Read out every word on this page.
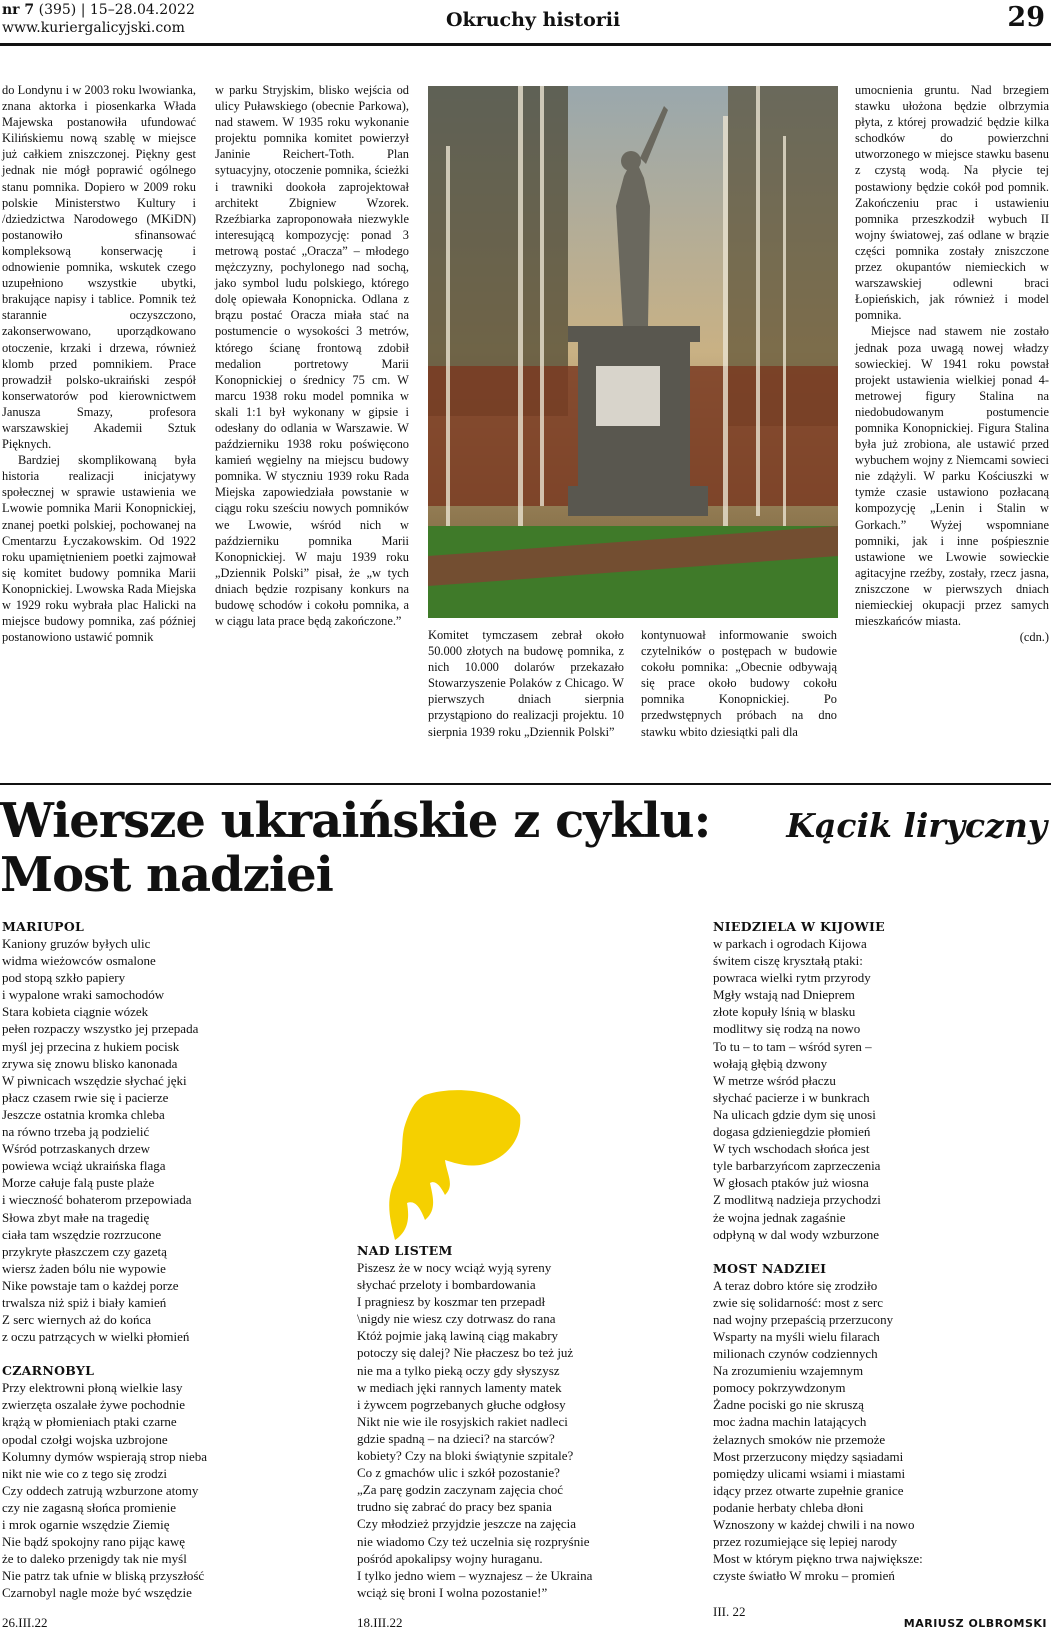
nr 7 (395) | 15–28.04.2022
www.kuriergalicyjski.com	Okruchy historii	29

do Londynu i w 2003 roku lwowianka, znana aktorka i piosenkarka Włada Majewska postanowiła ufundować Kilińskiemu nową szablę w miejsce już całkiem zniszczonej. Piękny gest jednak nie mógł poprawić ogólnego stanu pomnika. Dopiero w 2009 roku polskie Ministerstwo Kultury i /dziedzictwa Narodowego (MKiDN) postanowiło sfinansować kompleksową konserwację i odnowienie pomnika, wskutek czego uzupełniono wszystkie ubytki, brakujące napisy i tablice. Pomnik też starannie oczyszczono, zakonserwowano, uporządkowano otoczenie, krzaki i drzewa, również klomb przed pomnikiem. Prace prowadził polsko-ukraiński zespół konserwatorów pod kierownictwem Janusza Smazy, profesora warszawskiej Akademii Sztuk Pięknych.

Bardziej skomplikowaną była historia realizacji inicjatywy społecznej w sprawie ustawienia we Lwowie pomnika Marii Konopnickiej, znanej poetki polskiej, pochowanej na Cmentarzu Łyczakowskim. Od 1922 roku upamiętnieniem poetki zajmował się komitet budowy pomnika Marii Konopnickiej. Lwowska Rada Miejska w 1929 roku wybrała plac Halicki na miejsce budowy pomnika, zaś później postanowiono ustawić pomnik

w parku Stryjskim, blisko wejścia od ulicy Puławskiego (obecnie Parkowa), nad stawem. W 1935 roku wykonanie projektu pomnika komitet powierzył Janinie Reichert-Toth. Plan sytuacyjny, otoczenie pomnika, ścieżki i trawniki dookoła zaprojektował architekt Zbigniew Wzorek. Rzeźbiarka zaproponowała niezwykle interesującą kompozycję: ponad 3 metrową postać „Oracza” – młodego mężczyzny, pochylonego nad sochą, jako symbol ludu polskiego, którego dolę opiewała Konopnicka. Odlana z brązu postać Oracza miała stać na postumencie o wysokości 3 metrów, którego ścianę frontową zdobił medalion portretowy Marii Konopnickiej o średnicy 75 cm. W marcu 1938 roku model pomnika w skali 1:1 był wykonany w gipsie i odesłany do odlania w Warszawie. W październiku 1938 roku poświęcono kamień węgielny na miejscu budowy pomnika. W styczniu 1939 roku Rada Miejska zapowiedziała powstanie w ciągu roku sześciu nowych pomników we Lwowie, wśród nich w październiku pomnika Marii Konopnickiej. W maju 1939 roku „Dziennik Polski” pisał, że „w tych dniach będzie rozpisany konkurs na budowę schodów i cokołu pomnika, a w ciągu lata prace będą zakończone.”

Komitet tymczasem zebrał około 50.000 złotych na budowę pomnika, z nich 10.000 dolarów przekazało Stowarzyszenie Polaków z Chicago. W pierwszych dniach sierpnia przystąpiono do realizacji projektu. 10 sierpnia 1939 roku „Dziennik Polski”

kontynuował informowanie swoich czytelników o postępach w budowie cokołu pomnika: „Obecnie odbywają się prace około budowy cokołu pomnika Konopnickiej. Po przedwstępnych próbach na dno stawku wbito dziesiątki pali dla

umocnienia gruntu. Nad brzegiem stawku ułożona będzie olbrzymia płyta, z której prowadzić będzie kilka schodków do powierzchni utworzonego w miejsce stawku basenu z czystą wodą. Na płycie tej postawiony będzie cokół pod pomnik. Zakończeniu prac i ustawieniu pomnika przeszkodził wybuch II wojny światowej, zaś odlane w brązie części pomnika zostały zniszczone przez okupantów niemieckich w warszawskiej odlewni braci Łopieńskich, jak również i model pomnika.

Miejsce nad stawem nie zostało jednak poza uwagą nowej władzy sowieckiej. W 1941 roku powstał projekt ustawienia wielkiej ponad 4-metrowej figury Stalina na niedobudowanym postumencie pomnika Konopnickiej. Figura Stalina była już zrobiona, ale ustawić przed wybuchem wojny z Niemcami sowieci nie zdążyli. W parku Kościuszki w tymże czasie ustawiono pozłacaną kompozycję „Lenin i Stalin w Gorkach.” Wyżej wspomniane pomniki, jak i inne pośpiesznie ustawione we Lwowie sowieckie agitacyjne rzeźby, zostały, rzecz jasna, zniszczone w pierwszych dniach niemieckiej okupacji przez samych mieszkańców miasta.

(cdn.)

Wiersze ukraińskie z cyklu:
Most nadziei
Kącik liryczny
MARIUPOL
Kaniony gruzów byłych ulic
widma wieżowców osmalone
pod stopą szkło papiery
i wypalone wraki samochodów
Stara kobieta ciągnie wózek
pełen rozpaczy wszystko jej przepada
myśl jej przecina z hukiem pocisk
zrywa się znowu blisko kanonada
W piwnicach wszędzie słychać jęki
płacz czasem rwie się i pacierze
Jeszcze ostatnia kromka chleba
na równo trzeba ją podzielić
Wśród potrzaskanych drzew
powiewa wciąż ukraińska flaga
Morze całuje falą puste plaże
i wieczność bohaterom przepowiada
Słowa zbyt małe na tragedię
ciała tam wszędzie rozrzucone
przykryte płaszczem czy gazetą
wiersz żaden bólu nie wypowie
Nike powstaje tam o każdej porze
trwalsza niż spiż i biały kamień
Z serc wiernych aż do końca
z oczu patrzących w wielki płomień
CZARNOBYL
Przy elektrowni płoną wielkie lasy
zwierzęta oszalałe żywe pochodnie
krążą w płomieniach ptaki czarne
opodal czołgi wojska uzbrojone
Kolumny dymów wspierają strop nieba
nikt nie wie co z tego się zrodzi
Czy oddech zatrują wzburzone atomy
czy nie zagasną słońca promienie
i mrok ogarnie wszędzie Ziemię
Nie bądź spokojny rano pijąc kawę
że to daleko przenigdy tak nie myśl
Nie patrz tak ufnie w bliską przyszłość
Czarnobyl nagle może być wszędzie
NAD LISTEM
Piszesz że w nocy wciąż wyją syreny
słychać przeloty i bombardowania
I pragniesz by koszmar ten przepadł
\nigdy nie wiesz czy dotrwasz do rana
Któż pojmie jaką lawiną ciąg makabry
potoczy się dalej? Nie płaczesz bo też już
nie ma a tylko pieką oczy gdy słyszysz
w mediach jęki rannych lamenty matek
i żywcem pogrzebanych głuche odgłosy
Nikt nie wie ile rosyjskich rakiet nadleci
gdzie spadną – na dzieci? na starców?
kobiety? Czy na bloki świątynie szpitale?
Co z gmachów ulic i szkół pozostanie?
„Za parę godzin zaczynam zajęcia choć
trudno się zabrać do pracy bez spania
Czy młodzież przyjdzie jeszcze na zajęcia
nie wiadomo Czy też uczelnia się rozpryśnie
pośród apokalipsy wojny huraganu.
I tylko jedno wiem – wyznajesz – że Ukraina
wciąż się broni I wolna pozostanie!”
NIEDZIELA W KIJOWIE
w parkach i ogrodach Kijowa
świtem ciszę kryształą ptaki:
powraca wielki rytm przyrody
Mgły wstają nad Dnieprem
złote kopuły lśnią w blasku
modlitwy się rodzą na nowo
To tu – to tam – wśród syren –
wołają głębią dzwony
W metrze wśród płaczu
słychać pacierze i w bunkrach
Na ulicach gdzie dym się unosi
dogasa gdzieniegdzie płomień
W tych wschodach słońca jest
tyle barbarzyńcom zaprzeczenia
W głosach ptaków już wiosna
Z modlitwą nadzieja przychodzi
że wojna jednak zagaśnie
odpłyną w dal wody wzburzone
MOST NADZIEI
A teraz dobro które się zrodziło
zwie się solidarność: most z serc
nad wojny przepaścią przerzucony
Wsparty na myśli wielu filarach
milionach czynów codziennych
Na zrozumieniu wzajemnym
pomocy pokrzywdzonym
Żadne pociski go nie skruszą
moc żadna machin latających
żelaznych smoków nie przemoże
Most przerzucony między sąsiadami
pomiędzy ulicami wsiami i miastami
idący przez otwarte zupełnie granice
podanie herbaty chleba dłoni
Wznoszony w każdej chwili i na nowo
przez rozumiejące się lepiej narody
Most w którym piękno trwa największe:
czyste światło W mroku – promień
26.III.22	18.III.22
III. 22
MARIUSZ OLBROMSKI
